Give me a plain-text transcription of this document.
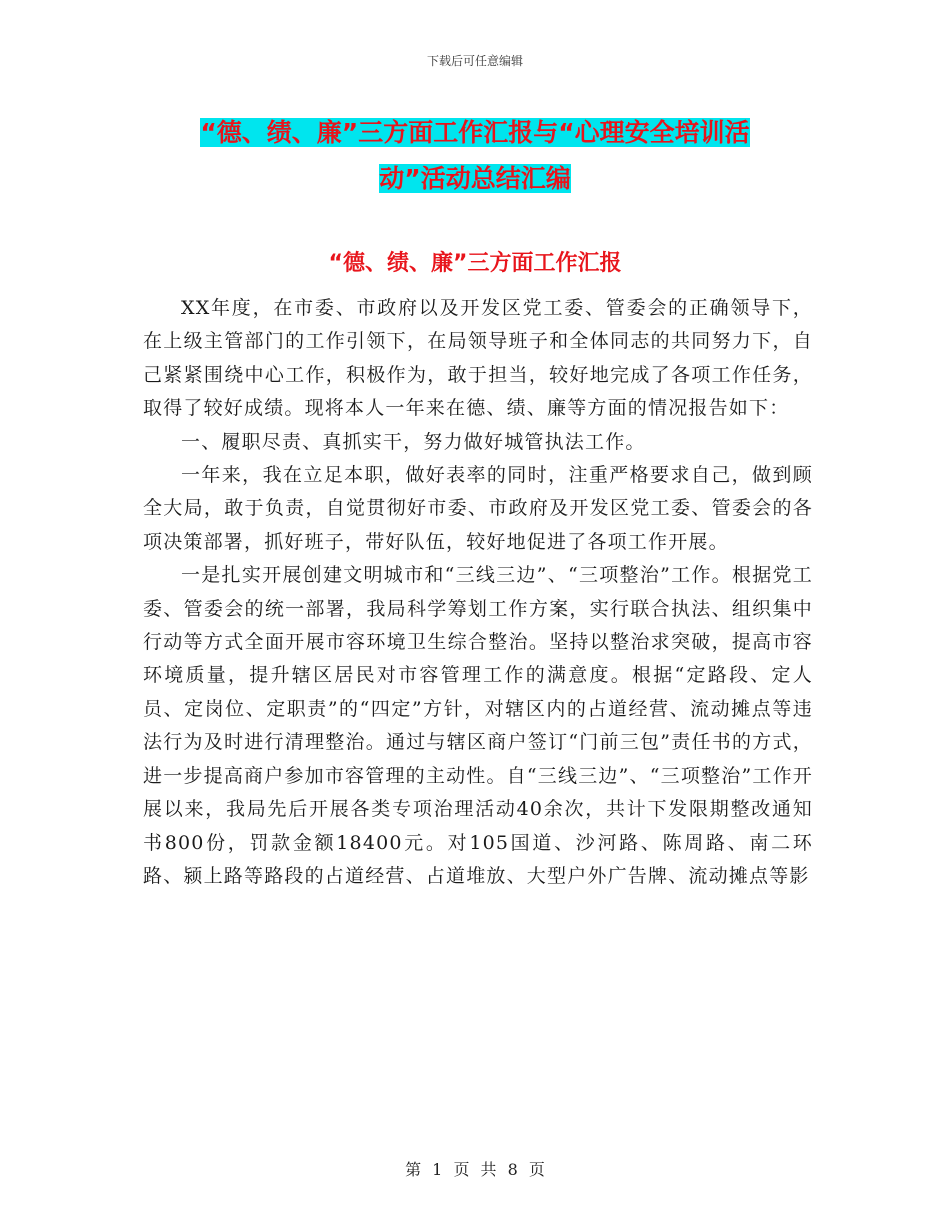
下载后可任意编辑
“德、绩、廉”三方面工作汇报与“心理安全培训活
动”活动总结汇编
“德、绩、廉”三方面工作汇报

XX年度，在市委、市政府以及开发区党工委、管委会的正确领导下，在上级主管部门的工作引领下，在局领导班子和全体同志的共同努力下，自己紧紧围绕中心工作，积极作为，敢于担当，较好地完成了各项工作任务，取得了较好成绩。现将本人一年来在德、绩、廉等方面的情况报告如下：

一、履职尽责、真抓实干，努力做好城管执法工作。

一年来，我在立足本职，做好表率的同时，注重严格要求自己，做到顾全大局，敢于负责，自觉贯彻好市委、市政府及开发区党工委、管委会的各项决策部署，抓好班子，带好队伍，较好地促进了各项工作开展。

一是扎实开展创建文明城市和“三线三边”、“三项整治”工作。根据党工委、管委会的统一部署，我局科学筹划工作方案，实行联合执法、组织集中行动等方式全面开展市容环境卫生综合整治。坚持以整治求突破，提高市容环境质量，提升辖区居民对市容管理工作的满意度。根据“定路段、定人员、定岗位、定职责”的“四定”方针，对辖区内的占道经营、流动摊点等违法行为及时进行清理整治。通过与辖区商户签订“门前三包”责任书的方式，进一步提高商户参加市容管理的主动性。自“三线三边”、“三项整治”工作开展以来，我局先后开展各类专项治理活动40余次，共计下发限期整改通知书800份，罚款金额18400元。对105国道、沙河路、陈周路、南二环路、颍上路等路段的占道经营、占道堆放、大型户外广告牌、流动摊点等影

第 1 页 共 8 页
